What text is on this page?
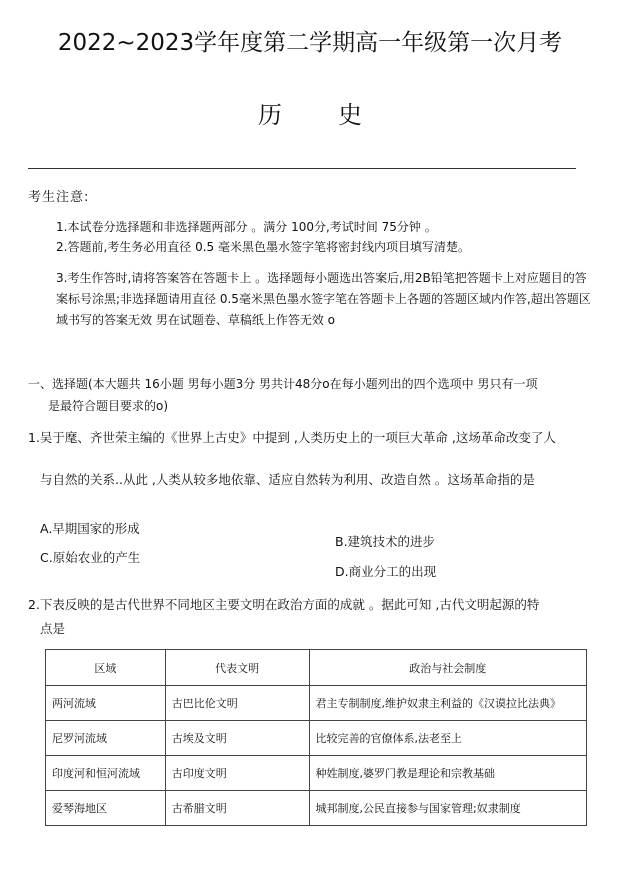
2022~2023学年度第二学期高一年级第一次月考
历史
考生注意:
1.本试卷分选择题和非选择题两部分 。满分 100分,考试时间 75分钟 。
2.答题前,考生务必用直径 0.5 毫米黑色墨水签字笔将密封线内项目填写清楚。
3.考生作答时,请将答案答在答题卡上 。选择题每小题选出答案后,用2B铅笔把答题卡上对应题目的答案标号涂黑;非选择题请用直径 0.5毫米黑色墨水签字笔在答题卡上各题的答题区域内作答,超出答题区域书写的答案无效 男在试题卷、草稿纸上作答无效 o
一、选择题(本大题共 16小题 男每小题3分 男共计48分o在每小题列出的四个选项中 男只有一项
是最符合题目要求的o)
1.吴于麾、齐世荣主编的《世界上古史》中提到 ,人类历史上的一项巨大革命 ,这场革命改变了人
与自然的关系..从此 ,人类从较多地依靠、适应自然转为利用、改造自然 。这场革命指的是
A.早期国家的形成
B.建筑技术的进步
C.原始农业的产生
D.商业分工的出现
2.下表反映的是古代世界不同地区主要文明在政治方面的成就 。据此可知 ,古代文明起源的特
点是
区域	代表文明	政治与社会制度
两河流域	古巴比伦文明	君主专制制度,维护奴隶主利益的《汉谟拉比法典》
尼罗河流域	古埃及文明	比较完善的官僚体系,法老至上
印度河和恒河流域	古印度文明	种姓制度,婆罗门教是理论和宗教基础
爱琴海地区	古希腊文明	城邦制度,公民直接参与国家管理;奴隶制度
